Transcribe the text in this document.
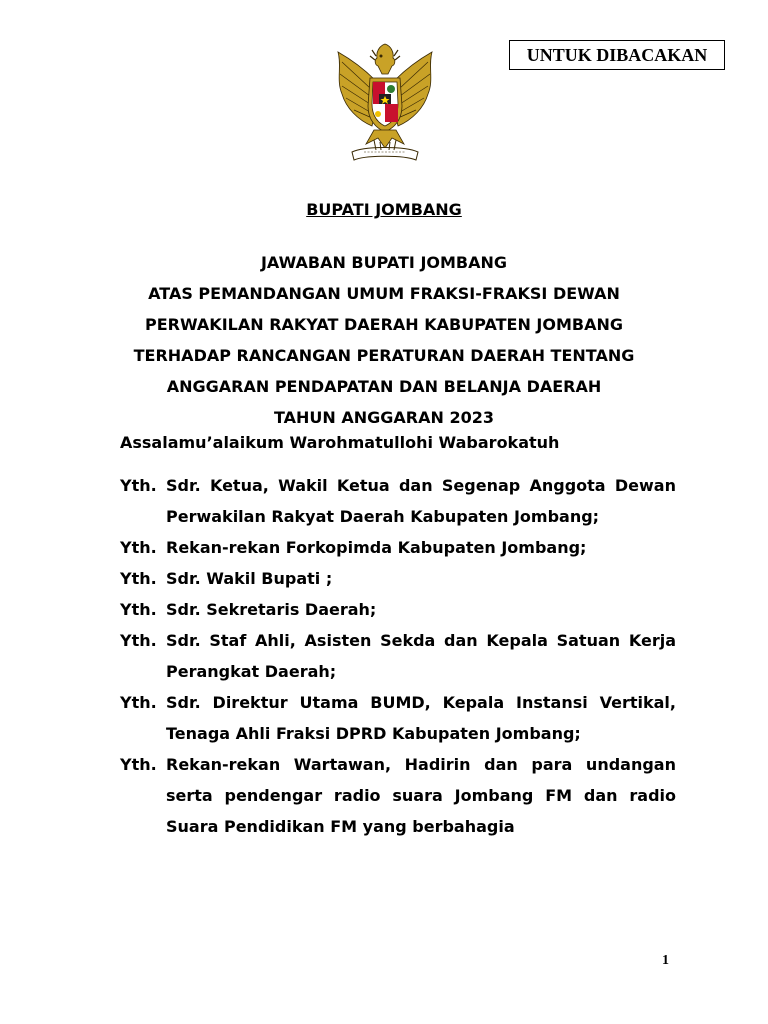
UNTUK DIBACAKAN
BUPATI JOMBANG
JAWABAN BUPATI JOMBANG
ATAS PEMANDANGAN UMUM FRAKSI-FRAKSI DEWAN
PERWAKILAN RAKYAT DAERAH KABUPATEN JOMBANG
TERHADAP RANCANGAN PERATURAN DAERAH TENTANG
ANGGARAN PENDAPATAN DAN BELANJA DAERAH
TAHUN ANGGARAN 2023
Assalamu’alaikum Warohmatullohi Wabarokatuh
Yth. Sdr. Ketua, Wakil Ketua dan Segenap Anggota Dewan
Perwakilan Rakyat Daerah Kabupaten Jombang;
Yth. Rekan-rekan Forkopimda Kabupaten Jombang;
Yth. Sdr. Wakil Bupati ;
Yth. Sdr. Sekretaris Daerah;
Yth. Sdr. Staf Ahli, Asisten Sekda dan Kepala Satuan Kerja
Perangkat Daerah;
Yth. Sdr. Direktur Utama BUMD, Kepala Instansi Vertikal,
Tenaga Ahli Fraksi DPRD Kabupaten Jombang;
Yth. Rekan-rekan Wartawan, Hadirin dan para undangan
serta pendengar radio suara Jombang FM dan radio
Suara Pendidikan FM yang berbahagia
1
